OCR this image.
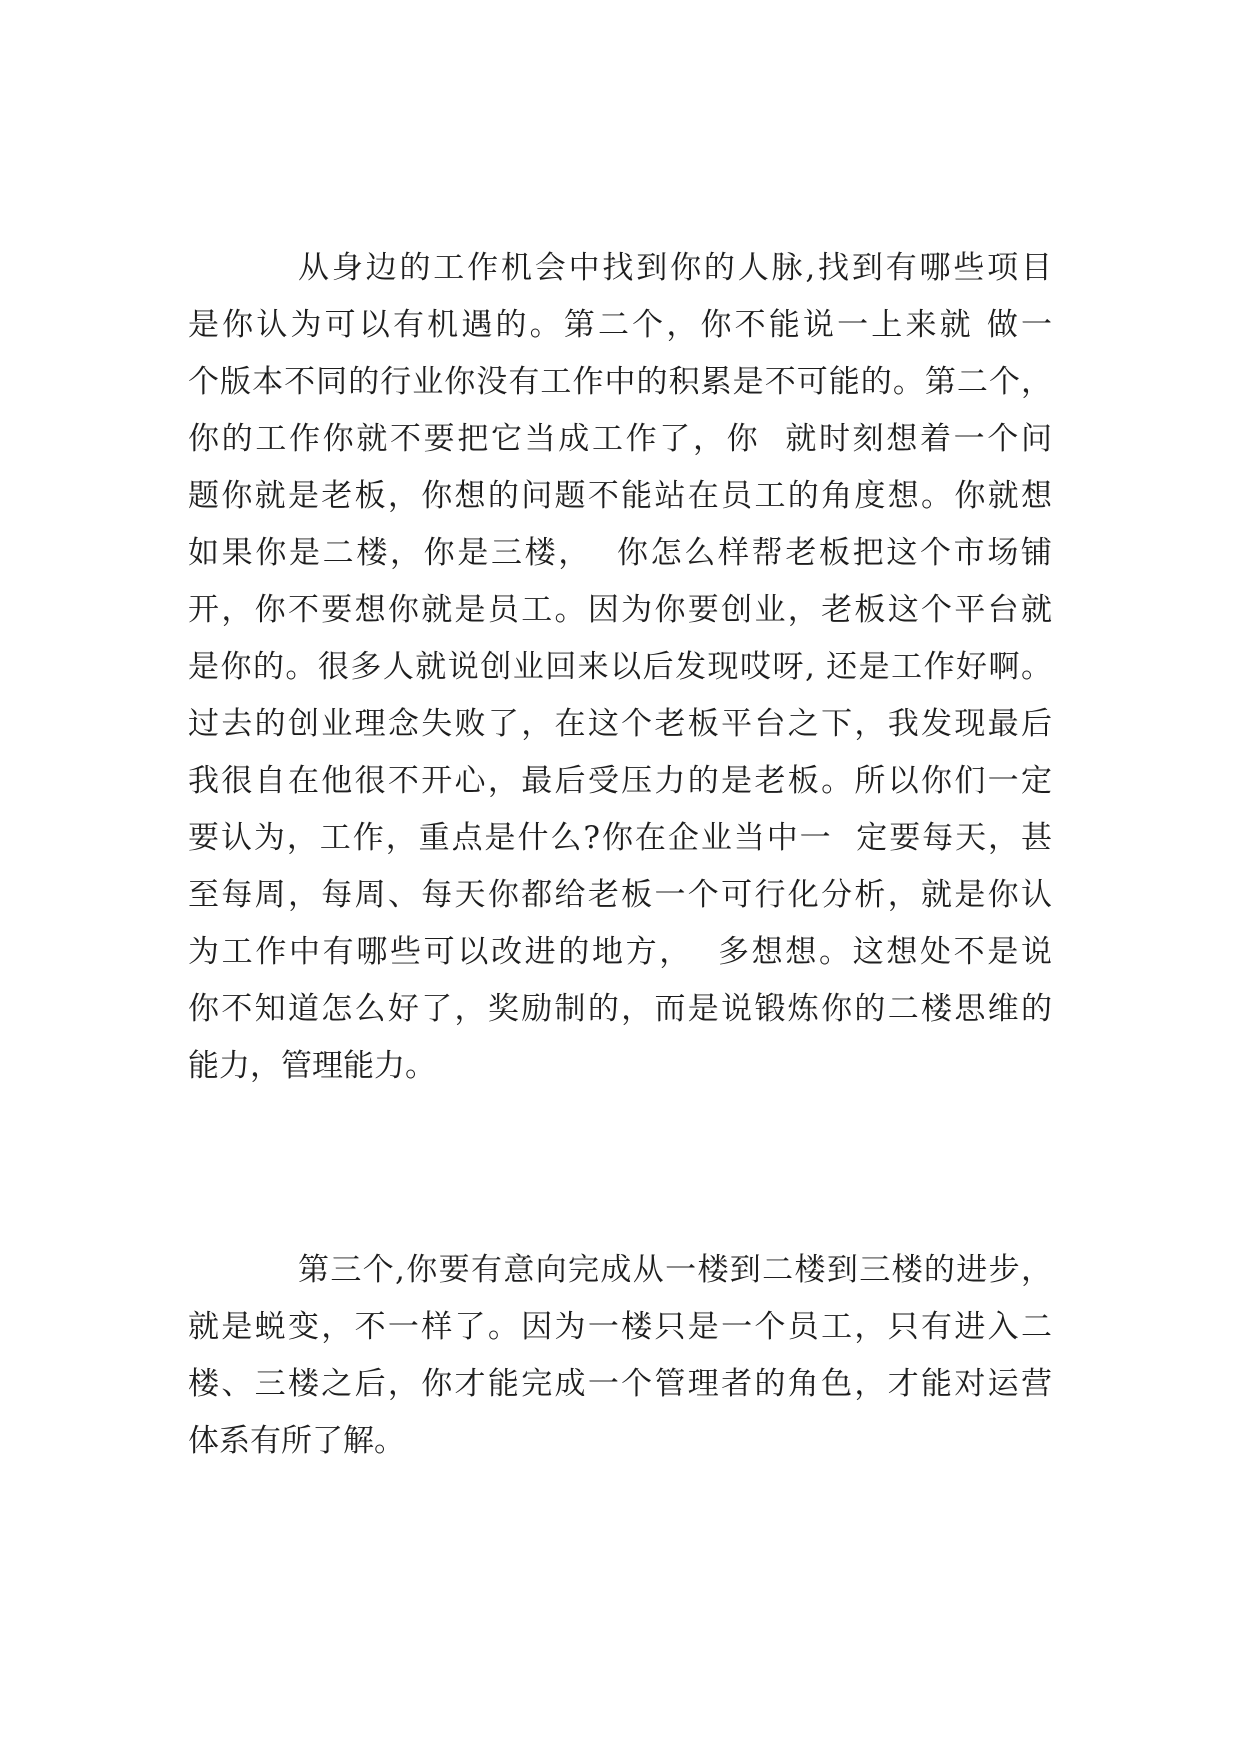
从身边的工作机会中找到你的人脉,找到有哪些项目
是你认为可以有机遇的。第二个，你不能说一上来就 做一
个版本不同的行业你没有工作中的积累是不可能的。第二个，
你的工作你就不要把它当成工作了，你  就时刻想着一个问
题你就是老板，你想的问题不能站在员工的角度想。你就想
如果你是二楼，你是三楼，  你怎么样帮老板把这个市场铺
开，你不要想你就是员工。因为你要创业，老板这个平台就
是你的。很多人就说创业回来以后发现哎呀, 还是工作好啊。
过去的创业理念失败了，在这个老板平台之下，我发现最后
我很自在他很不开心，最后受压力的是老板。所以你们一定
要认为，工作，重点是什么?你在企业当中一  定要每天，甚
至每周，每周、每天你都给老板一个可行化分析，就是你认
为工作中有哪些可以改进的地方，  多想想。这想处不是说
你不知道怎么好了，奖励制的，而是说锻炼你的二楼思维的
能力，管理能力。
第三个,你要有意向完成从一楼到二楼到三楼的进步，
就是蜕变，不一样了。因为一楼只是一个员工，只有进入二
楼、三楼之后，你才能完成一个管理者的角色，才能对运营
体系有所了解。
